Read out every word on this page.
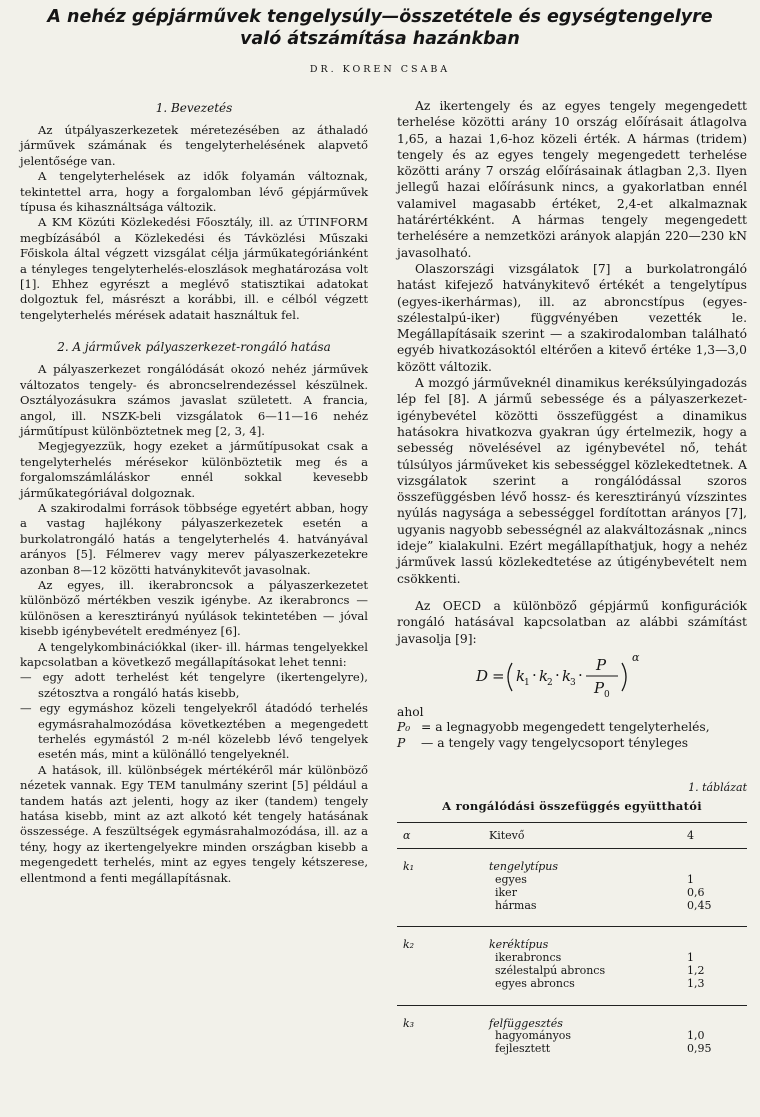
A nehéz gépjárművek tengelysúly—összetétele és egységtengelyre
való átszámítása hazánkban
DR. KOREN CSABA
1. Bevezetés

Az útpályaszerkezetek méretezésében az áthaladó járművek számának és tengelyterhelésének alapvető jelentősége van.

A tengelyterhelések az idők folyamán változnak, tekintettel arra, hogy a forgalomban lévő gépjárművek típusa és kihasználtsága változik.

A KM Közúti Közlekedési Főosztály, ill. az ÚTINFORM megbízásából a Közlekedési és Távközlési Műszaki Főiskola által végzett vizsgálat célja járműkategóriánként a tényleges tengelyterhelés-eloszlások meghatározása volt [1]. Ehhez egyrészt a meglévő statisztikai adatokat dolgoztuk fel, másrészt a korábbi, ill. e célból végzett tengelyterhelés mérések adatait használtuk fel.

2. A járművek pályaszerkezet-rongáló hatása

A pályaszerkezet rongálódását okozó nehéz járművek változatos tengely- és abroncselrendezéssel készülnek. Osztályozásukra számos javaslat született. A francia, angol, ill. NSZK-beli vizsgálatok 6—11—16 nehéz járműtípust különböztetnek meg [2, 3, 4].

Megjegyezzük, hogy ezeket a járműtípusokat csak a tengelyterhelés mérésekor különböztetik meg és a forgalomszámláláskor ennél sokkal kevesebb járműkategóriával dolgoznak.

A szakirodalmi források többsége egyetért abban, hogy a vastag hajlékony pályaszerkezetek esetén a burkolatrongáló hatás a tengelyterhelés 4. hatványával arányos [5]. Félmerev vagy merev pályaszerkezetekre azonban 8—12 közötti hatványkitevőt javasolnak.

Az egyes, ill. ikerabroncsok a pályaszerkezetet különböző mértékben veszik igénybe. Az ikerabroncs — különösen a keresztirányú nyúlások tekintetében — jóval kisebb igénybevételt eredményez [6].

A tengelykombinációkkal (iker- ill. hármas tengelyekkel kapcsolatban a következő megállapításokat lehet tenni:

— egy adott terhelést két tengelyre (ikertengelyre), szétosztva a rongáló hatás kisebb,
— egy egymáshoz közeli tengelyekről átadódó terhelés egymásrahalmozódása következtében a megengedett terhelés egymástól 2 m-nél közelebb lévő tengelyek esetén más, mint a különálló tengelyeknél.

A hatások, ill. különbségek mértékéről már különböző nézetek vannak. Egy TEM tanulmány szerint [5] például a tandem hatás azt jelenti, hogy az iker (tandem) tengely hatása kisebb, mint az azt alkotó két tengely hatásának összessége. A feszültségek egymásrahalmozódása, ill. az a tény, hogy az ikertengelyekre minden országban kisebb a megengedett terhelés, mint az egyes tengely kétszerese, ellentmond a fenti megállapításnak.

Az ikertengely és az egyes tengely megengedett terhelése közötti arány 10 ország előírásait átlagolva 1,65, a hazai 1,6-hoz közeli érték. A hármas (tridem) tengely és az egyes tengely megengedett terhelése közötti arány 7 ország előírásainak átlagban 2,3. Ilyen jellegű hazai előírásunk nincs, a gyakorlatban ennél valamivel magasabb értéket, 2,4-et alkalmaznak határértékként. A hármas tengely megengedett terhelésére a nemzetközi arányok alapján 220—230 kN javasolható.

Olaszországi vizsgálatok [7] a burkolatrongáló hatást kifejező hatványkitevő értékét a tengelytípus (egyes-ikerhármas), ill. az abroncstípus (egyes-szélestalpú-iker) függvényében vezették le. Megállapításaik szerint — a szakirodalomban található egyéb hivatkozásoktól eltérően a kitevő értéke 1,3—3,0 között változik.

A mozgó járműveknél dinamikus keréksúlyingadozás lép fel [8]. A jármű sebessége és a pályaszerkezet-igénybevétel közötti összefüggést a dinamikus hatásokra hivatkozva gyakran úgy értelmezik, hogy a sebesség növelésével az igénybevétel nő, tehát túlsúlyos járműveket kis sebességgel közlekedtetnek. A vizsgálatok szerint a rongálódással szoros összefüggésben lévő hossz- és keresztirányú vízszintes nyúlás nagysága a sebességgel fordítottan arányos [7], ugyanis nagyobb sebességnél az alakváltozásnak „nincs ideje” kialakulni. Ezért megállapíthatjuk, hogy a nehéz járművek lassú közlekedtetése az útigénybevételt nem csökkenti.

Az OECD a különböző gépjármű konfigurációk rongáló hatásával kapcsolatban az alábbi számítást javasolja [9]:

D = k
1 · k
2 · k
3 ·
P
P 0
α
ahol
P₀ = a legnagyobb megengedett tengelyterhelés,
P	— a tengely vagy tengelycsoport tényleges
1. táblázat
A rongálódási összefüggés együtthatói
α	Kitevő	4
k₁	tengelytípus	
	egyes	1
	iker	0,6
	hármas	0,45
k₂	keréktípus	
	ikerabroncs	1
	szélestalpú abroncs	1,2
	egyes abroncs	1,3
k₃	felfüggesztés	
	hagyományos	1,0
	fejlesztett	0,95
